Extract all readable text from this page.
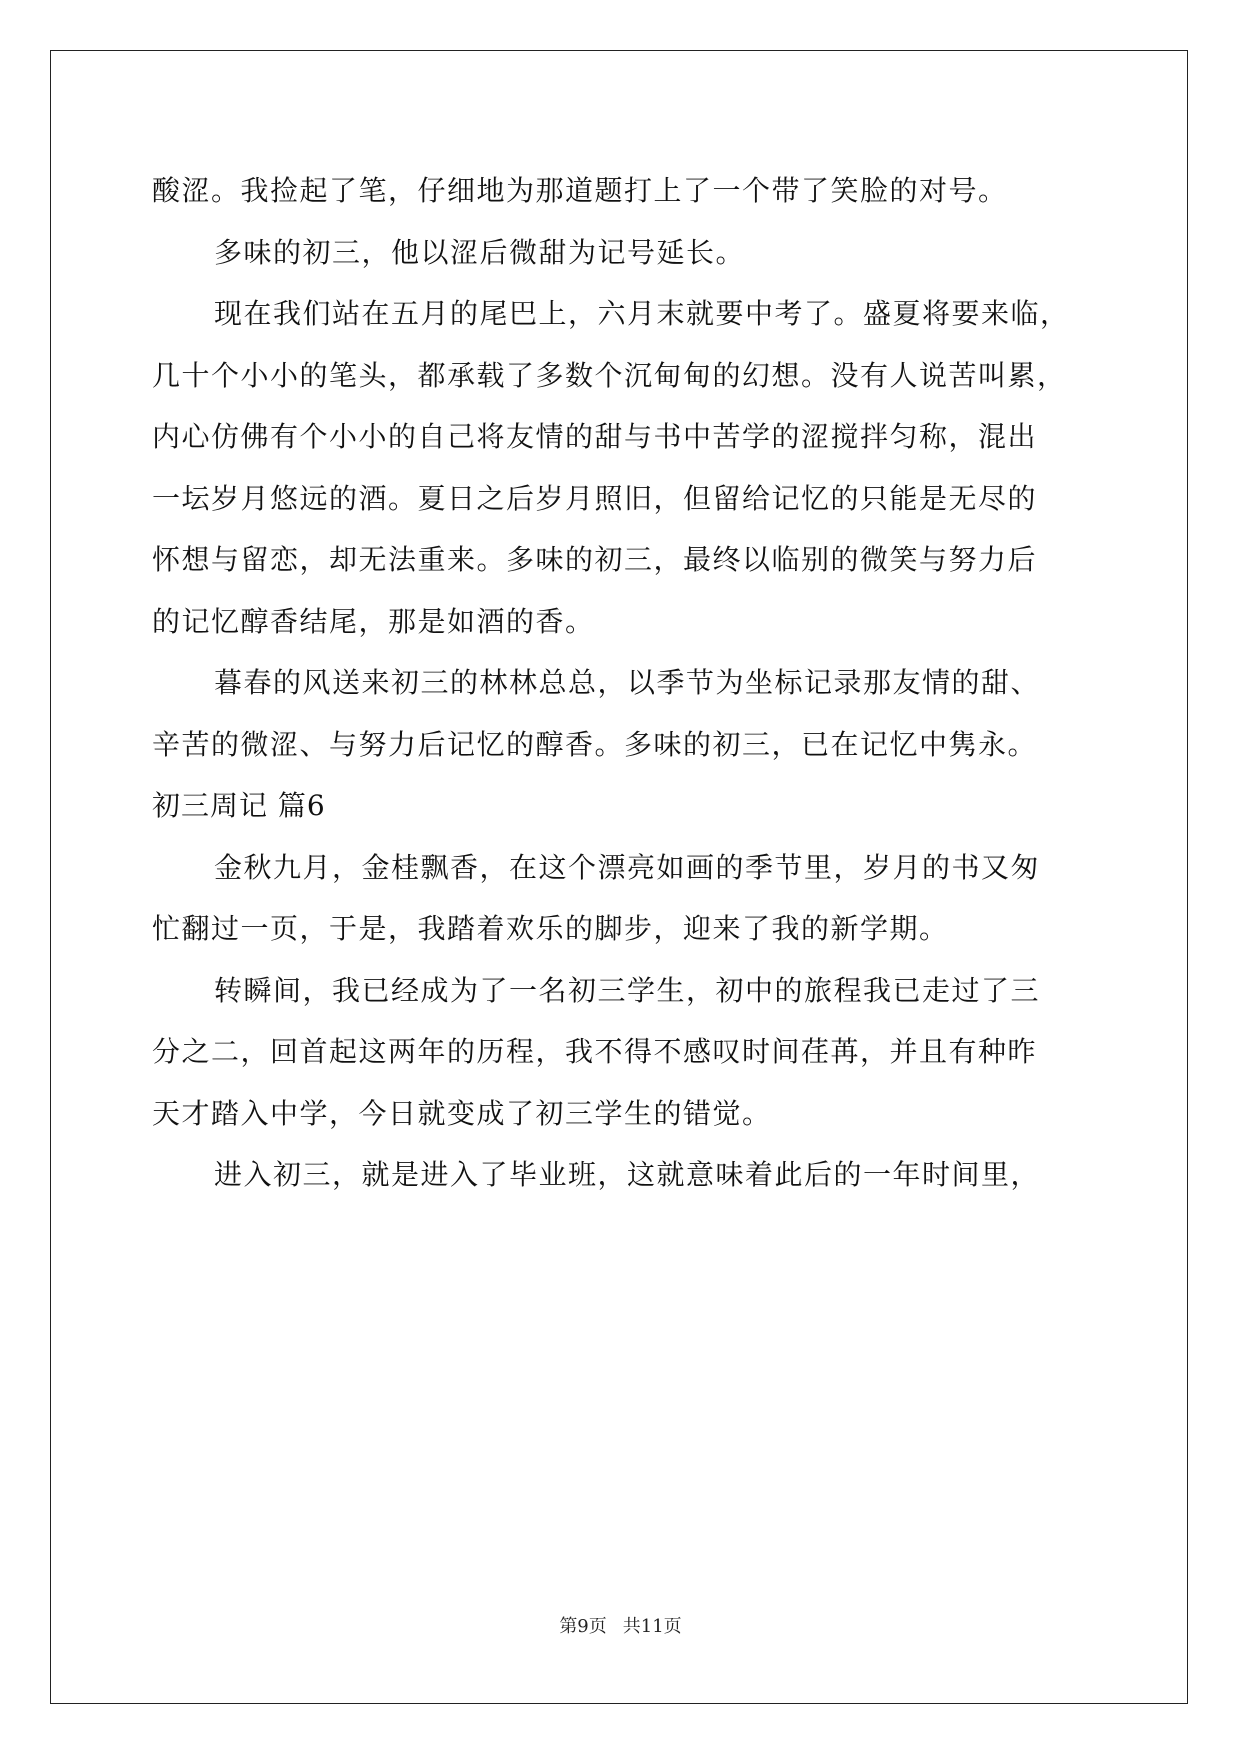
酸涩。我捡起了笔，仔细地为那道题打上了一个带了笑脸的对号。
多味的初三，他以涩后微甜为记号延长。
现在我们站在五月的尾巴上，六月末就要中考了。盛夏将要来临，
几十个小小的笔头，都承载了多数个沉甸甸的幻想。没有人说苦叫累，
内心仿佛有个小小的自己将友情的甜与书中苦学的涩搅拌匀称，混出
一坛岁月悠远的酒。夏日之后岁月照旧，但留给记忆的只能是无尽的
怀想与留恋，却无法重来。多味的初三，最终以临别的微笑与努力后
的记忆醇香结尾，那是如酒的香。
暮春的风送来初三的林林总总，以季节为坐标记录那友情的甜、
辛苦的微涩、与努力后记忆的醇香。多味的初三，已在记忆中隽永。
初三周记 篇6
金秋九月，金桂飘香，在这个漂亮如画的季节里，岁月的书又匆
忙翻过一页，于是，我踏着欢乐的脚步，迎来了我的新学期。
转瞬间，我已经成为了一名初三学生，初中的旅程我已走过了三
分之二，回首起这两年的历程，我不得不感叹时间荏苒，并且有种昨
天才踏入中学，今日就变成了初三学生的错觉。
进入初三，就是进入了毕业班，这就意味着此后的一年时间里，
第9页 共11页
